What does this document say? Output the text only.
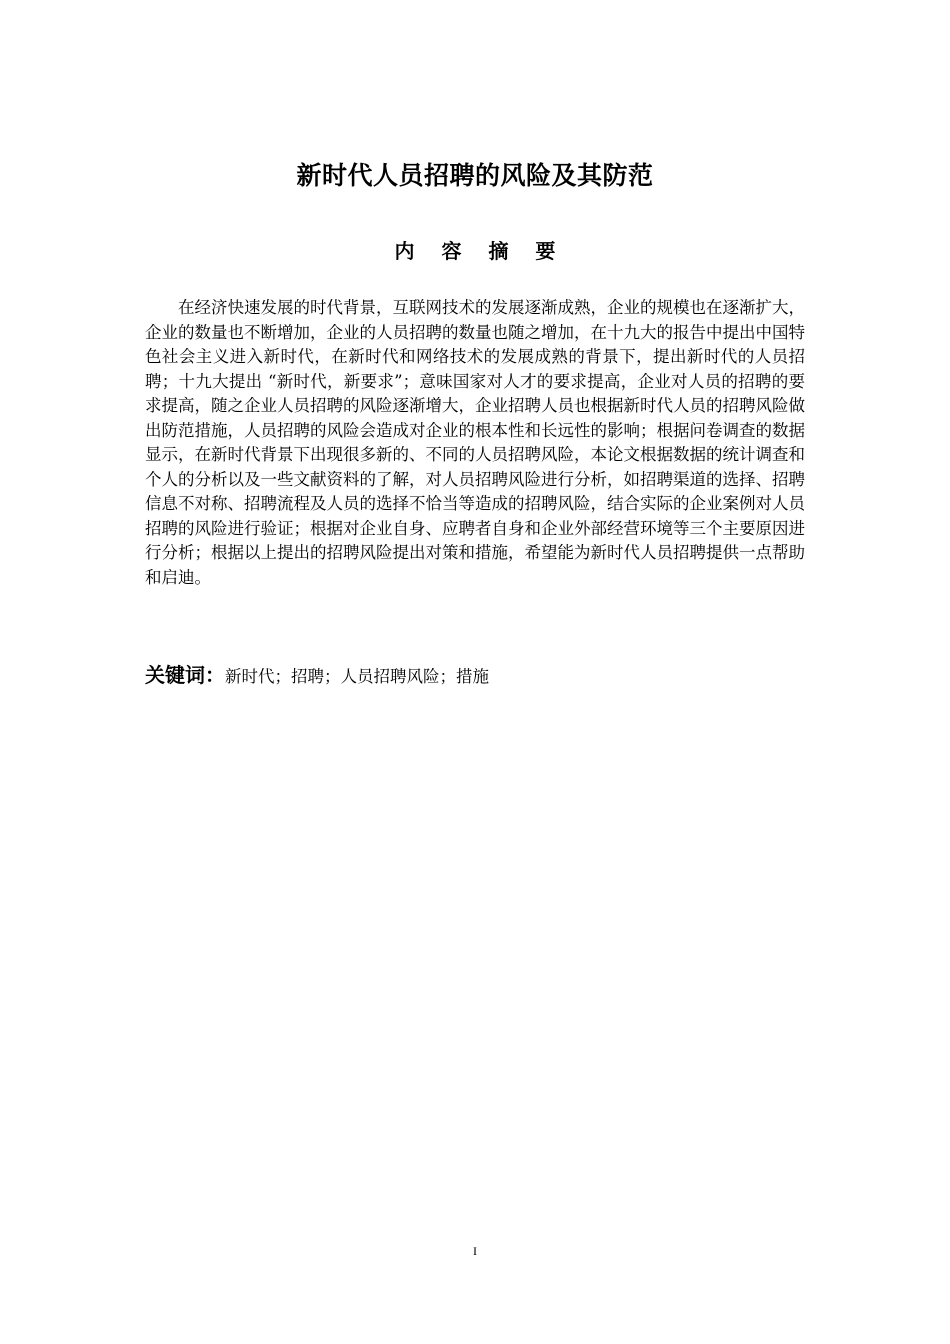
新时代人员招聘的风险及其防范
内 容 摘 要

在经济快速发展的时代背景，互联网技术的发展逐渐成熟，企业的规模也在逐渐扩大，企业的数量也不断增加，企业的人员招聘的数量也随之增加，在十九大的报告中提出中国特色社会主义进入新时代，在新时代和网络技术的发展成熟的背景下，提出新时代的人员招聘；十九大提出 “新时代，新要求”；意味国家对人才的要求提高，企业对人员的招聘的要求提高，随之企业人员招聘的风险逐渐增大，企业招聘人员也根据新时代人员的招聘风险做出防范措施，人员招聘的风险会造成对企业的根本性和长远性的影响；根据问卷调查的数据显示，在新时代背景下出现很多新的、不同的人员招聘风险，本论文根据数据的统计调查和个人的分析以及一些文献资料的了解，对人员招聘风险进行分析，如招聘渠道的选择、招聘信息不对称、招聘流程及人员的选择不恰当等造成的招聘风险，结合实际的企业案例对人员招聘的风险进行验证；根据对企业自身、应聘者自身和企业外部经营环境等三个主要原因进行分析；根据以上提出的招聘风险提出对策和措施，希望能为新时代人员招聘提供一点帮助和启迪。

关键词：新时代；招聘；人员招聘风险；措施
I
